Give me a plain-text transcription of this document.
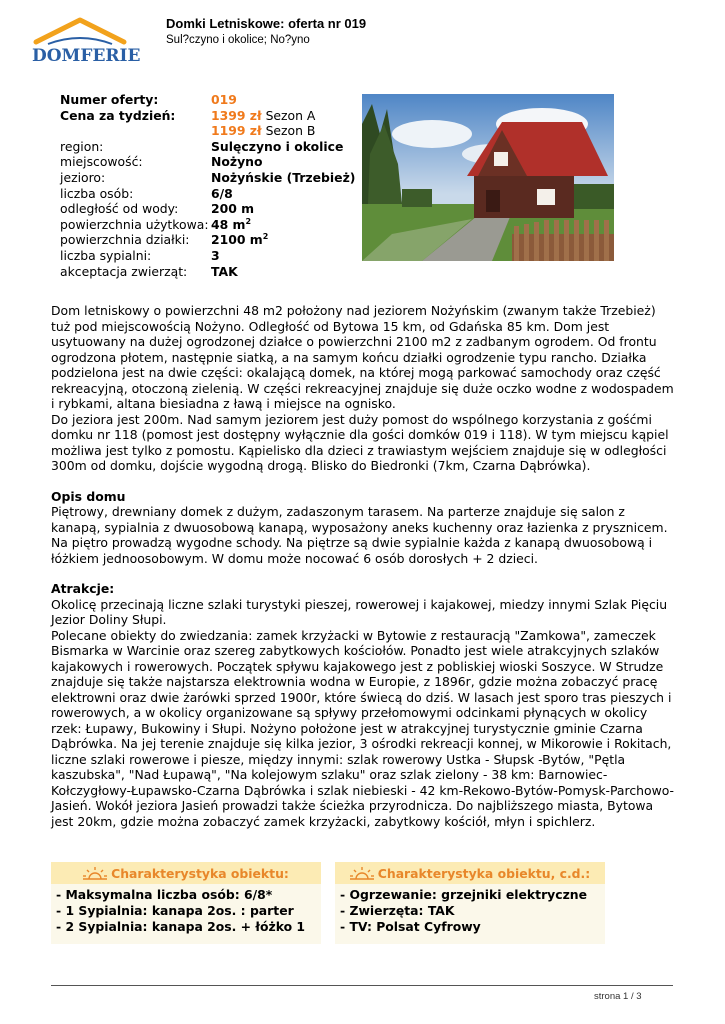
DOMFERIE
Domki Letniskowe: oferta nr 019
Sul?czyno i okolice; No?yno
Numer oferty:	019
Cena za tydzień:	1399 zł Sezon A
1199 zł Sezon B
region:	Sulęczyno i okolice
miejscowość:	Nożyno
jezioro:	Nożyńskie (Trzebież)
liczba osób:	6/8
odległość od wody:	200 m
powierzchnia użytkowa: 48 $m^2$
powierzchnia działki:	2100 $m^2$
liczba sypialni:	3
akceptacja zwierząt:	TAK

Dom letniskowy o powierzchni 48 m2 położony nad jeziorem Nożyńskim (zwanym także Trzebież) tuż pod miejscowością Nożyno. Odległość od Bytowa 15 km, od Gdańska 85 km. Dom jest usytuowany na dużej ogrodzonej działce o powierzchni 2100 m2 z zadbanym ogrodem. Od frontu ogrodzona płotem, następnie siatką, a na samym końcu działki ogrodzenie typu rancho. Działka podzielona jest na dwie części: okalającą domek, na której mogą parkować samochody oraz część rekreacyjną, otoczoną zielenią. W części rekreacyjnej znajduje się duże oczko wodne z wodospadem i rybkami, altana biesiadna z ławą i miejsce na ognisko.

Do jeziora jest 200m. Nad samym jeziorem jest duży pomost do wspólnego korzystania z gośćmi domku nr 118 (pomost jest dostępny wyłącznie dla gości domków 019 i 118). W tym miejscu kąpiel możliwa jest tylko z pomostu. Kąpielisko dla dzieci z trawiastym wejściem znajduje się w odległości 300m od domku, dojście wygodną drogą. Blisko do Biedronki (7km, Czarna Dąbrówka).

Opis domu

Piętrowy, drewniany domek z dużym, zadaszonym tarasem. Na parterze znajduje się salon z kanapą, sypialnia z dwuosobową kanapą, wyposażony aneks kuchenny oraz łazienka z prysznicem. Na piętro prowadzą wygodne schody. Na piętrze są dwie sypialnie każda z kanapą dwuosobową i łóżkiem jednoosobowym. W domu może nocować 6 osób dorosłych + 2 dzieci.

Atrakcje:

Okolicę przecinają liczne szlaki turystyki pieszej, rowerowej i kajakowej, miedzy innymi Szlak Pięciu Jezior Doliny Słupi.

Polecane obiekty do zwiedzania: zamek krzyżacki w Bytowie z restauracją "Zamkowa", zameczek Bismarka w Warcinie oraz szereg zabytkowych kościołów. Ponadto jest wiele atrakcyjnych szlaków kajakowych i rowerowych. Początek spływu kajakowego jest z pobliskiej wioski Soszyce. W Strudze znajduje się także najstarsza elektrownia wodna w Europie, z 1896r, gdzie można zobaczyć pracę elektrowni oraz dwie żarówki sprzed 1900r, które świecą do dziś. W lasach jest sporo tras pieszych i rowerowych, a w okolicy organizowane są spływy przełomowymi odcinkami płynących w okolicy rzek: Łupawy, Bukowiny i Słupi. Nożyno położone jest w atrakcyjnej turystycznie gminie Czarna Dąbrówka. Na jej terenie znajduje się kilka jezior, 3 ośrodki rekreacji konnej, w Mikorowie i Rokitach, liczne szlaki rowerowe i piesze, między innymi: szlak rowerowy Ustka - Słupsk -Bytów, "Pętla kaszubska", "Nad Łupawą", "Na kolejowym szlaku" oraz szlak zielony - 38 km: Barnowiec-Kołczygłowy-Łupawsko-Czarna Dąbrówka i szlak niebieski - 42 km-Rekowo-Bytów-Pomysk-Parchowo-Jasień. Wokół jeziora Jasień prowadzi także ścieżka przyrodnicza. Do najbliższego miasta, Bytowa jest 20km, gdzie można zobaczyć zamek krzyżacki, zabytkowy kościół, młyn i spichlerz.

Charakterystyka obiektu:
- Maksymalna liczba osób: 6/8*
- 1 Sypialnia: kanapa 2os. : parter
- 2 Sypialnia: kanapa 2os. + łóżko 1
Charakterystyka obiektu, c.d.:
- Ogrzewanie: grzejniki elektryczne
- Zwierzęta: TAK
- TV: Polsat Cyfrowy
strona 1 / 3
